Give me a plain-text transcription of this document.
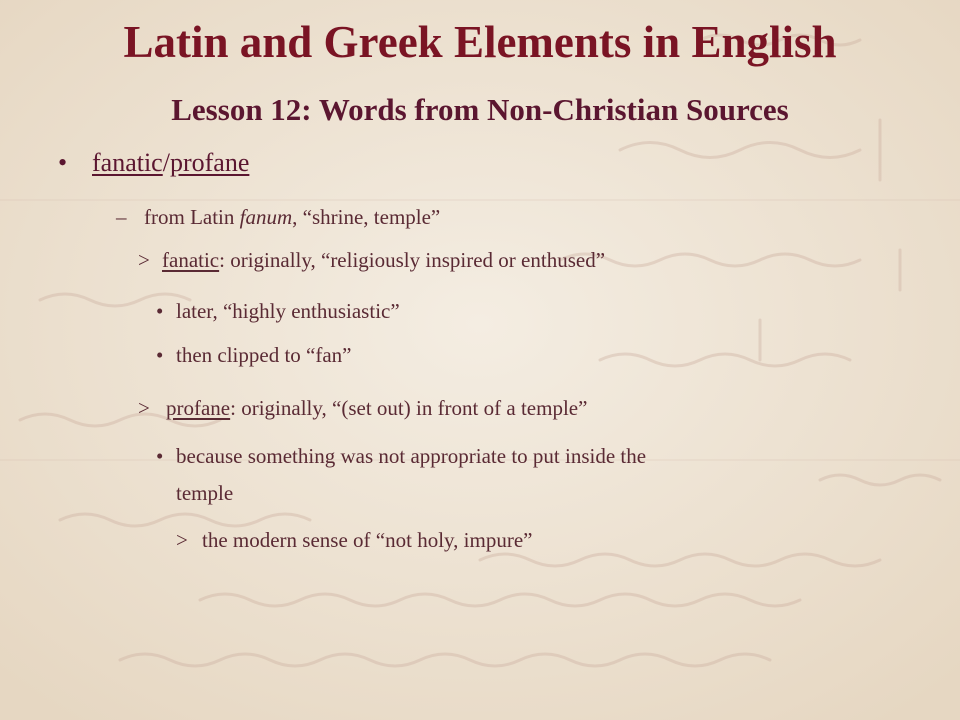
Latin and Greek Elements in English
Lesson 12: Words from Non-Christian Sources
• fanatic/profane
– from Latin fanum, “shrine, temple”
> fanatic: originally, “religiously inspired or enthused”
• later, “highly enthusiastic”
• then clipped to “fan”
> profane: originally, “(set out) in front of a temple”
• because something was not appropriate to put inside the
temple
> the modern sense of “not holy, impure”
